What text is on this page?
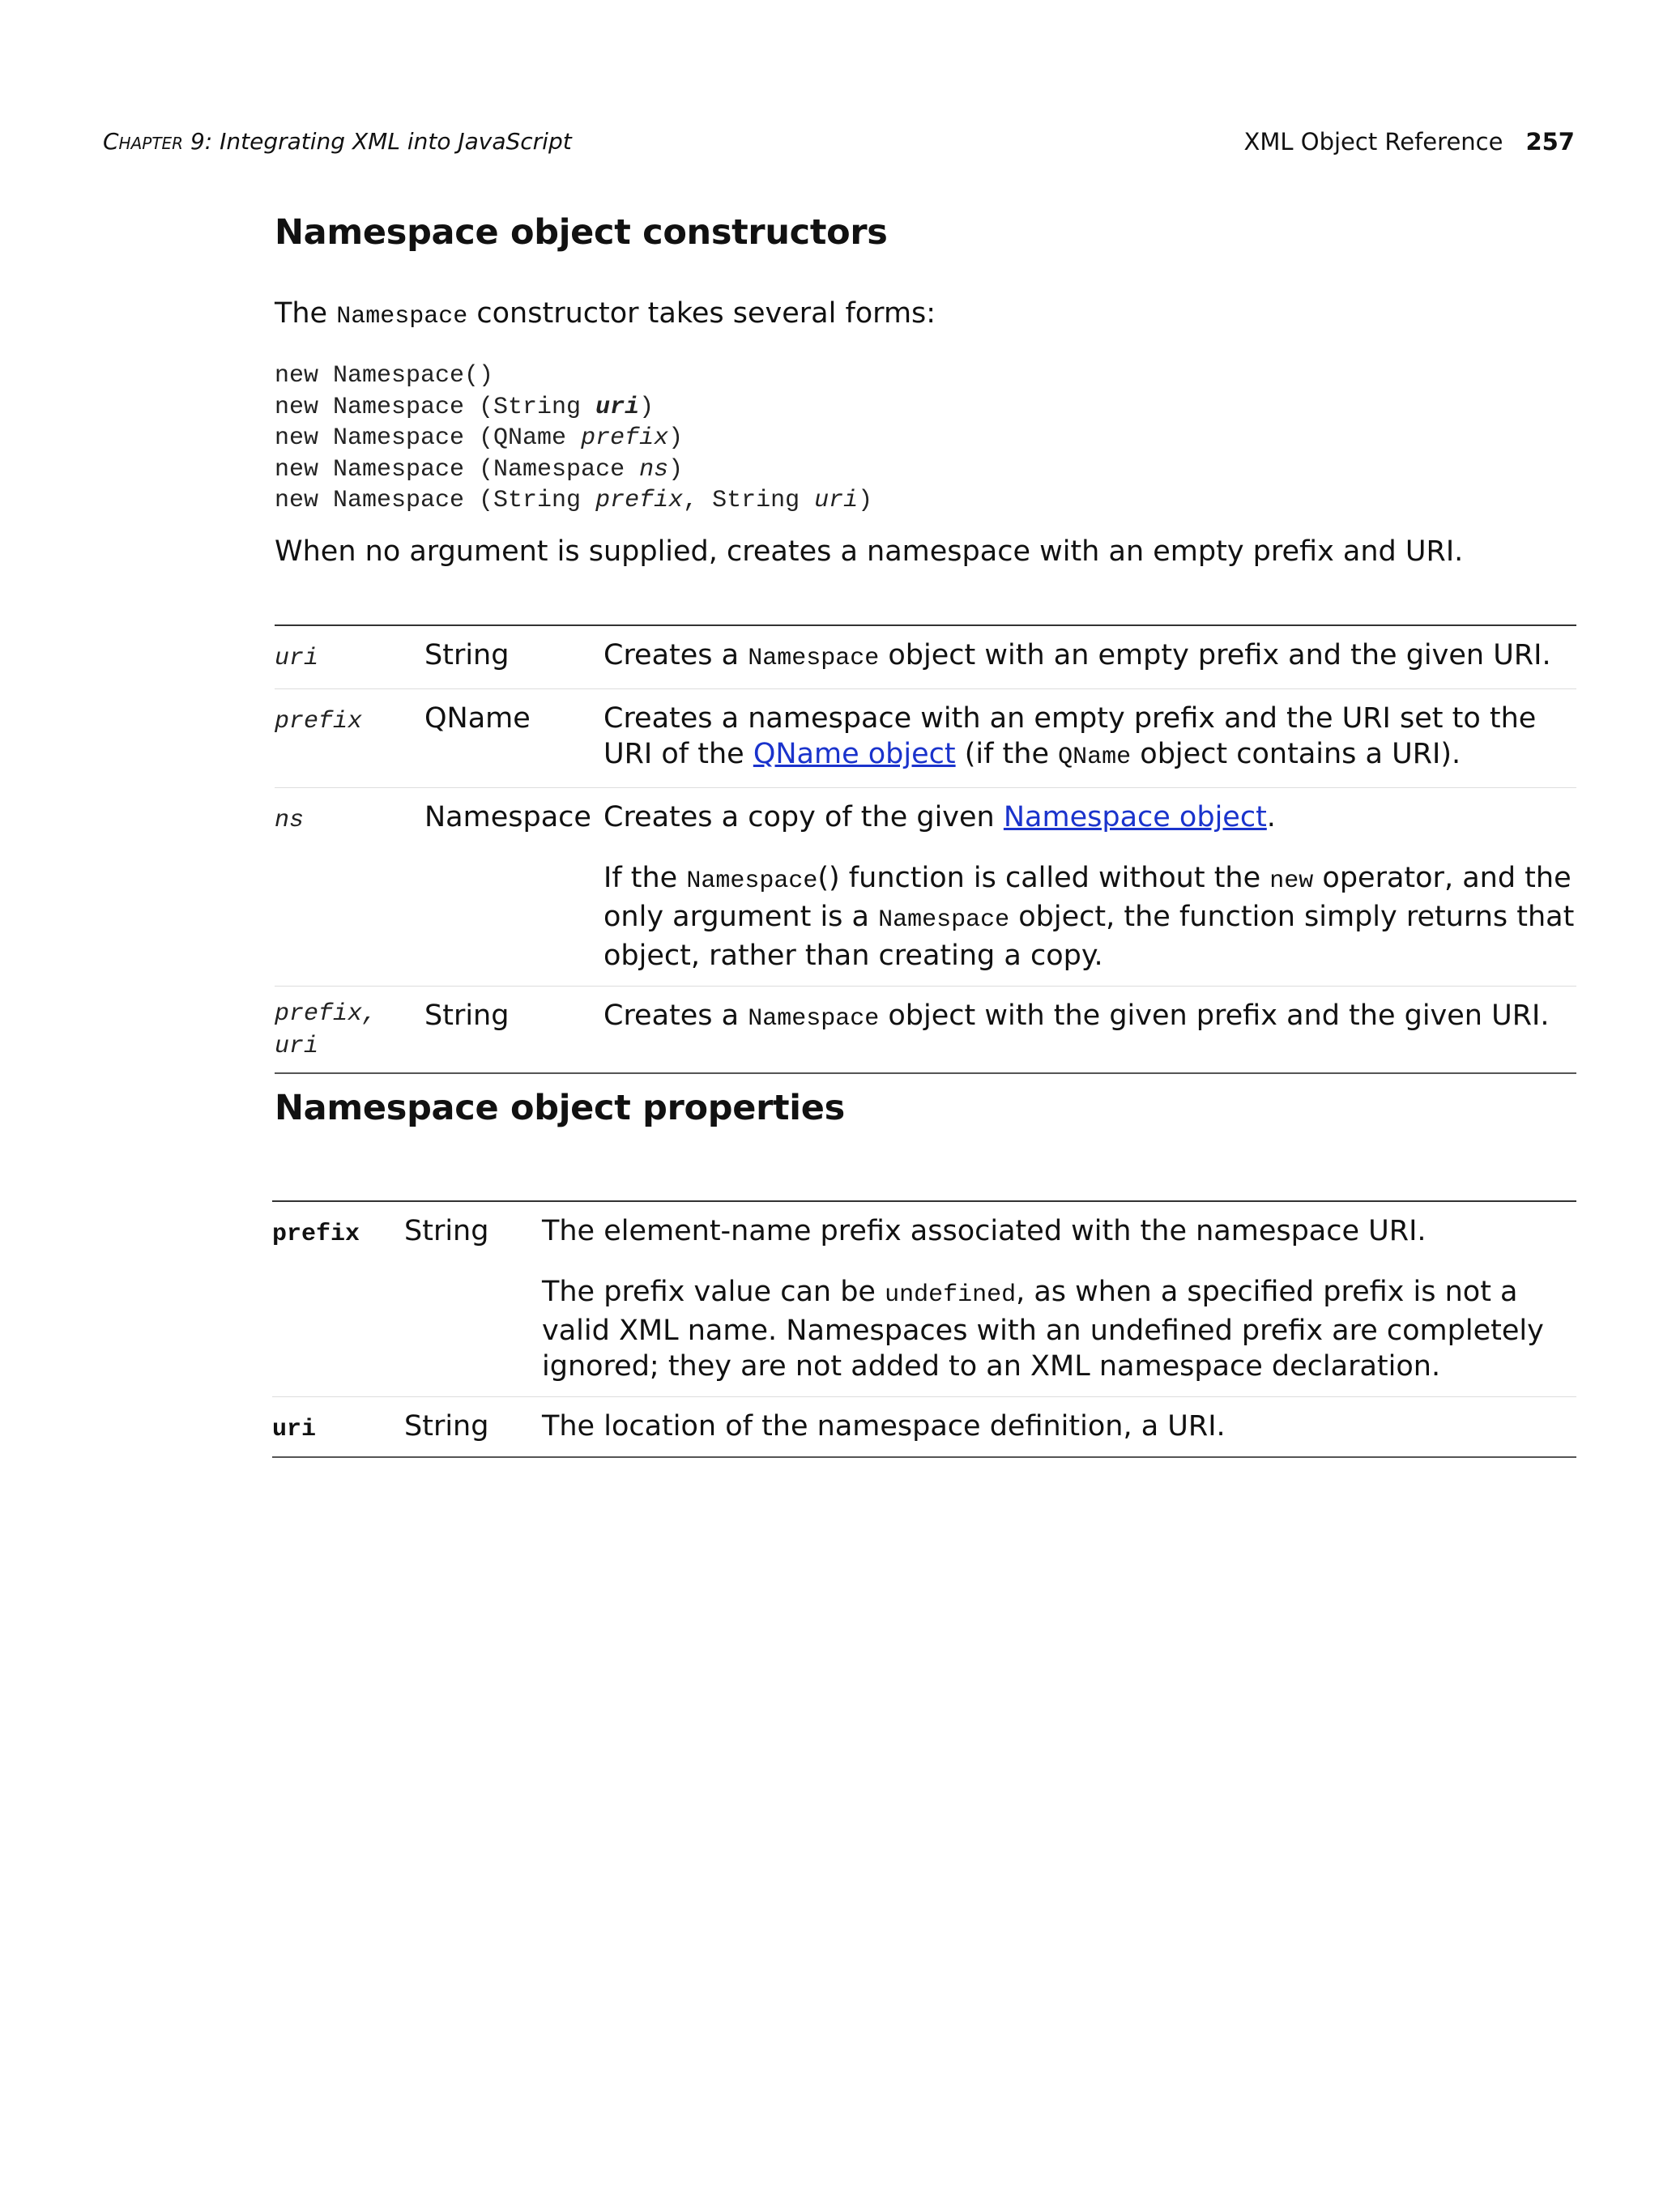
Chapter 9: Integrating XML into JavaScript	XML Object Reference 257
Namespace object constructors

The Namespace constructor takes several forms:

new Namespace()
new Namespace (String uri)
new Namespace (QName prefix)
new Namespace (Namespace ns)
new Namespace (String prefix, String uri)

When no argument is supplied, creates a namespace with an empty prefix and URI.

uri	String	Creates a Namespace object with an empty prefix and the given URI.
prefix	QName	Creates a namespace with an empty prefix and the URI set to the URI of the QName object (if the QName object contains a URI).
ns	Namespace	Creates a copy of the given Namespace object.

If the Namespace() function is called without the new operator, and the only argument is a Namespace object, the function simply returns that object, rather than creating a copy.

prefix,
uri	String	Creates a Namespace object with the given prefix and the given URI.
Namespace object properties
prefix	String	The element-name prefix associated with the namespace URI.

The prefix value can be undefined, as when a specified prefix is not a valid XML name. Namespaces with an undefined prefix are completely ignored; they are not added to an XML namespace declaration.

uri	String	The location of the namespace definition, a URI.
